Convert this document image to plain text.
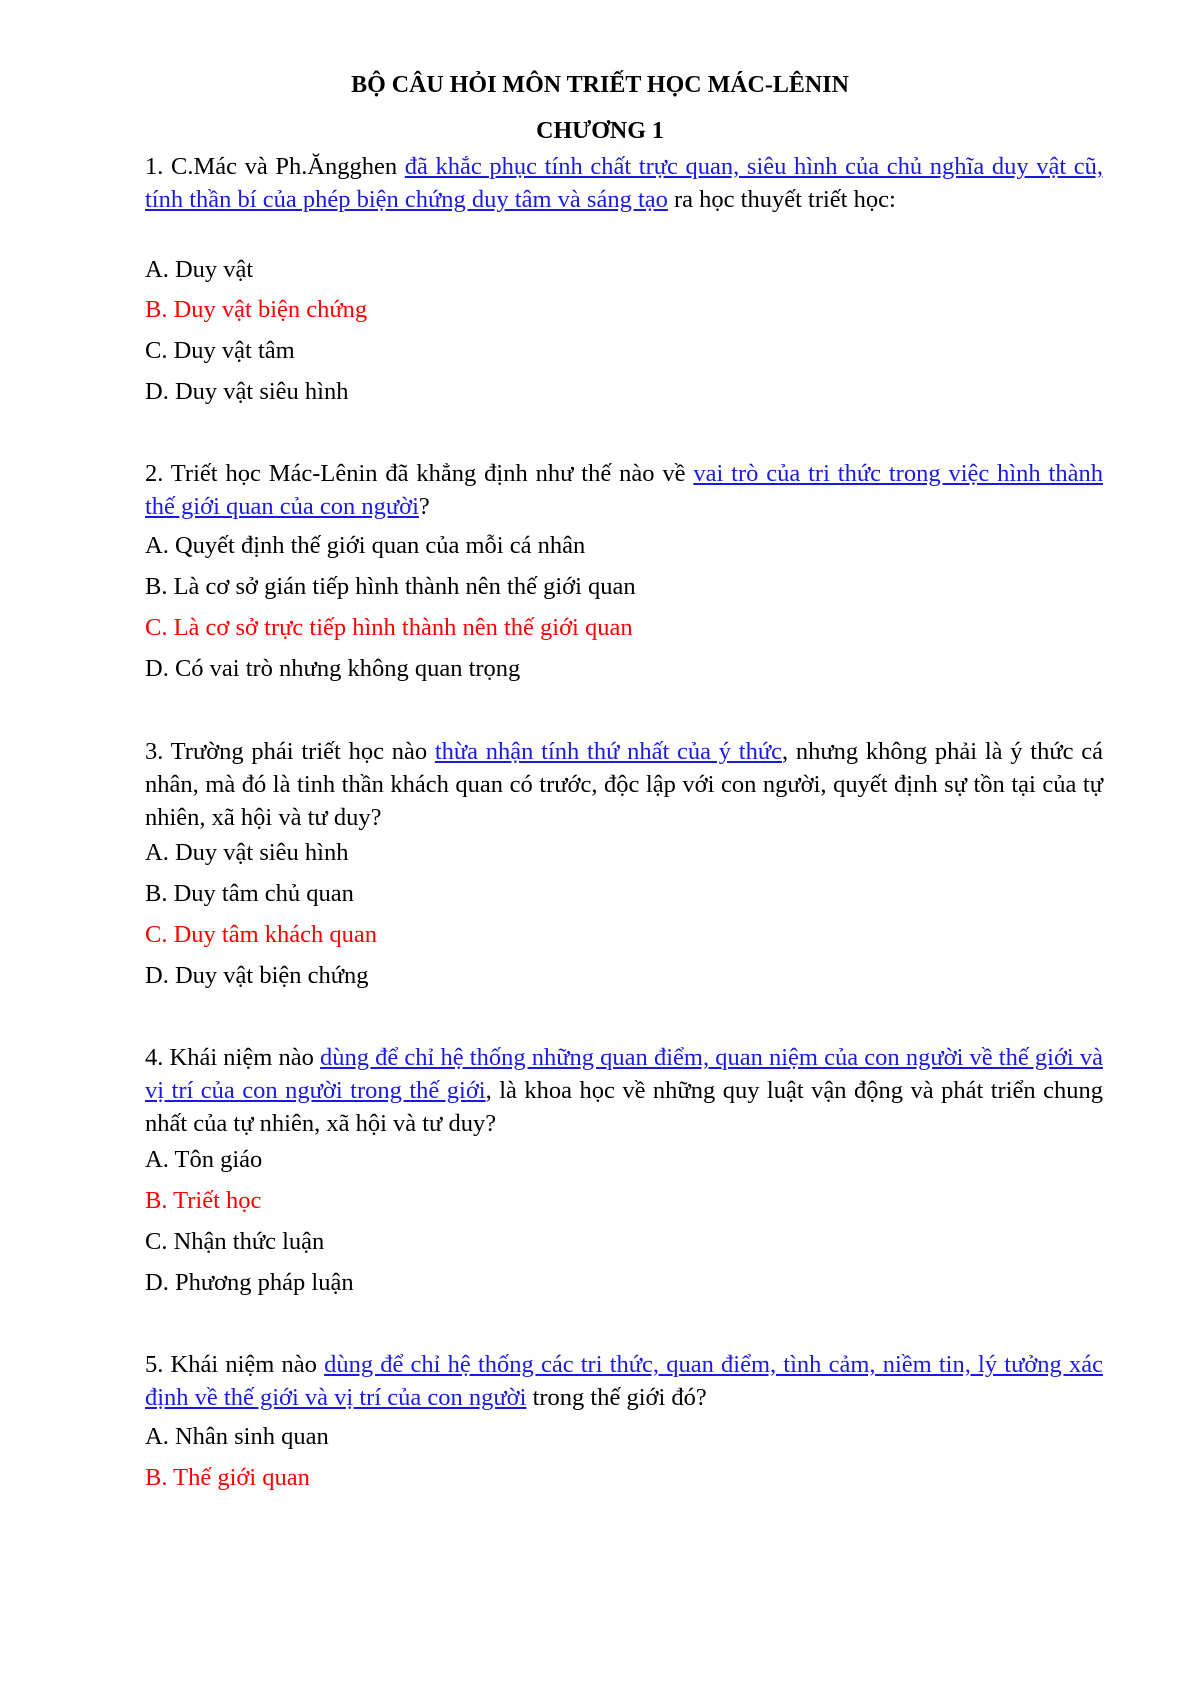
BỘ CÂU HỎI MÔN TRIẾT HỌC MÁC-LÊNIN
CHƯƠNG 1
1. C.Mác và Ph.Ăngghen đã khắc phục tính chất trực quan, siêu hình của chủ nghĩa duy vật cũ, tính thần bí của phép biện chứng duy tâm và sáng tạo ra học thuyết triết học:
A. Duy vật
B. Duy vật biện chứng
C. Duy vật tâm
D. Duy vật siêu hình
2. Triết học Mác-Lênin đã khẳng định như thế nào về vai trò của tri thức trong việc hình thành thế giới quan của con người?
A. Quyết định thế giới quan của mỗi cá nhân
B. Là cơ sở gián tiếp hình thành nên thế giới quan
C. Là cơ sở trực tiếp hình thành nên thế giới quan
D. Có vai trò nhưng không quan trọng
3. Trường phái triết học nào thừa nhận tính thứ nhất của ý thức, nhưng không phải là ý thức cá nhân, mà đó là tinh thần khách quan có trước, độc lập với con người, quyết định sự tồn tại của tự nhiên, xã hội và tư duy?
A. Duy vật siêu hình
B. Duy tâm chủ quan
C. Duy tâm khách quan
D. Duy vật biện chứng
4. Khái niệm nào dùng để chỉ hệ thống những quan điểm, quan niệm của con người về thế giới và vị trí của con người trong thế giới, là khoa học về những quy luật vận động và phát triển chung nhất của tự nhiên, xã hội và tư duy?
A. Tôn giáo
B. Triết học
C. Nhận thức luận
D. Phương pháp luận
5. Khái niệm nào dùng để chỉ hệ thống các tri thức, quan điểm, tình cảm, niềm tin, lý tưởng xác định về thế giới và vị trí của con người trong thế giới đó?
A. Nhân sinh quan
B. Thế giới quan
